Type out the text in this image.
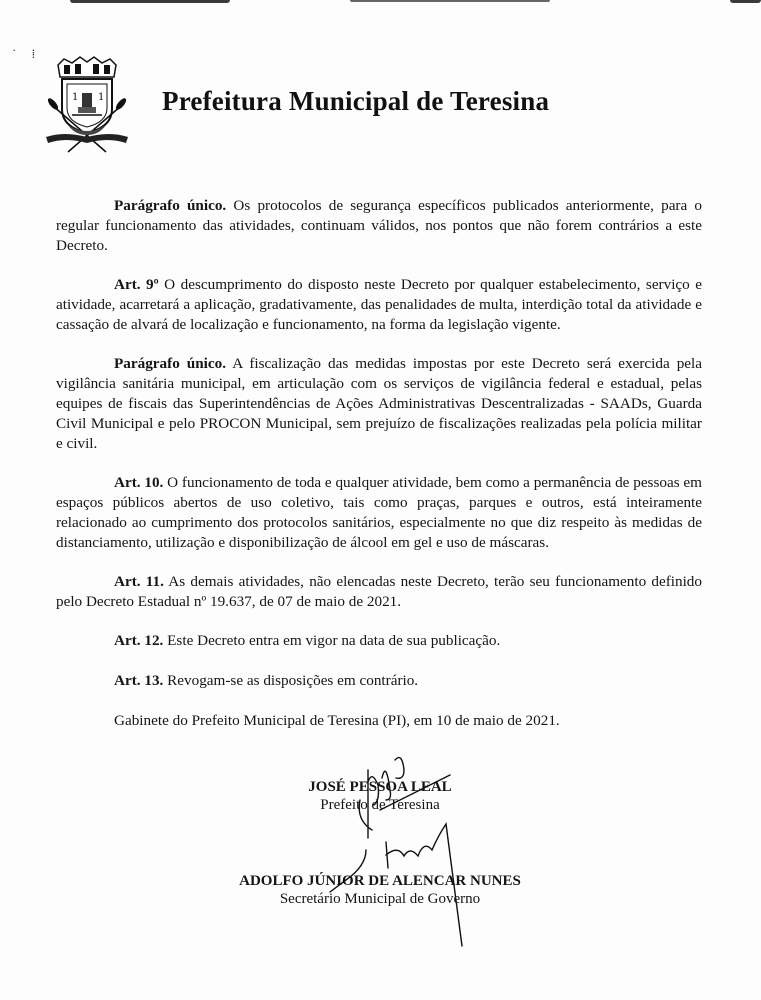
˙ ⁞
1 1 Prefeitura Municipal de Teresina

Parágrafo único. Os protocolos de segurança específicos publicados anteriormente, para o regular funcionamento das atividades, continuam válidos, nos pontos que não forem contrários a este Decreto.

Art. 9º O descumprimento do disposto neste Decreto por qualquer estabelecimento, serviço e atividade, acarretará a aplicação, gradativamente, das penalidades de multa, interdição total da atividade e cassação de alvará de localização e funcionamento, na forma da legislação vigente.

Parágrafo único. A fiscalização das medidas impostas por este Decreto será exercida pela vigilância sanitária municipal, em articulação com os serviços de vigilância federal e estadual, pelas equipes de fiscais das Superintendências de Ações Administrativas Descentralizadas - SAADs, Guarda Civil Municipal e pelo PROCON Municipal, sem prejuízo de fiscalizações realizadas pela polícia militar e civil.

Art. 10. O funcionamento de toda e qualquer atividade, bem como a permanência de pessoas em espaços públicos abertos de uso coletivo, tais como praças, parques e outros, está inteiramente relacionado ao cumprimento dos protocolos sanitários, especialmente no que diz respeito às medidas de distanciamento, utilização e disponibilização de álcool em gel e uso de máscaras.

Art. 11. As demais atividades, não elencadas neste Decreto, terão seu funcionamento definido pelo Decreto Estadual nº 19.637, de 07 de maio de 2021.

Art. 12. Este Decreto entra em vigor na data de sua publicação.

Art. 13. Revogam-se as disposições em contrário.

Gabinete do Prefeito Municipal de Teresina (PI), em 10 de maio de 2021.

JOSÉ PESSOA LEAL
Prefeito de Teresina
ADOLFO JÚNIOR DE ALENCAR NUNES
Secretário Municipal de Governo
